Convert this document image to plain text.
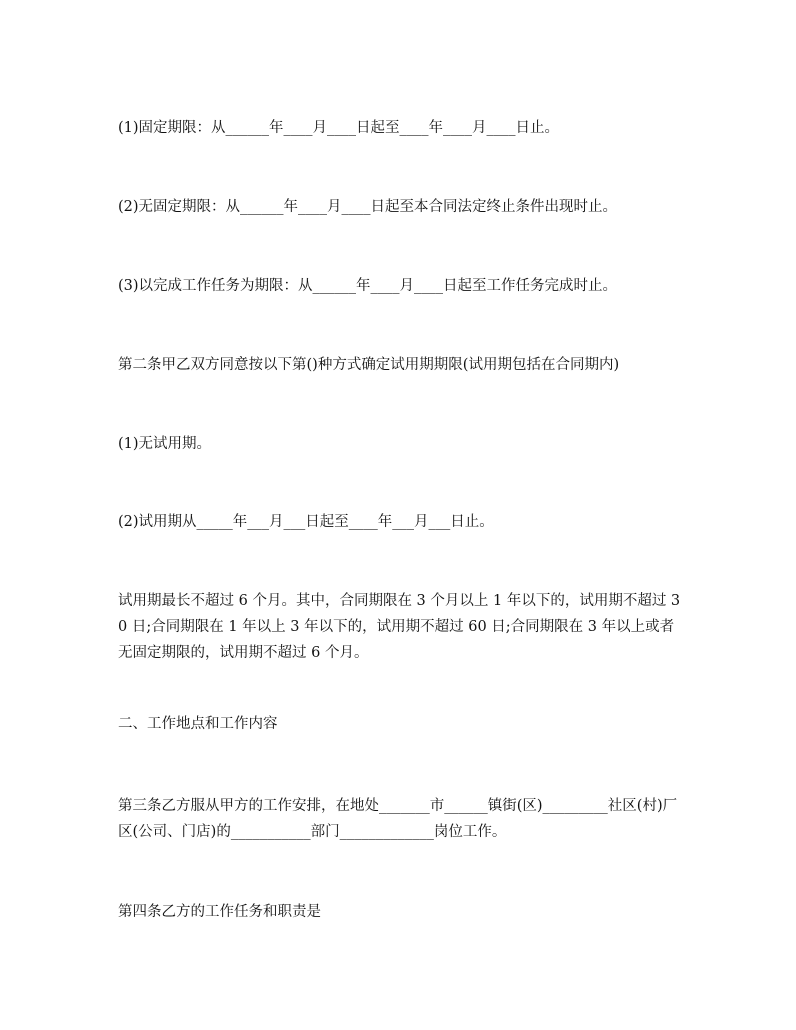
(1)固定期限：从______年____月____日起至____年____月____日止。

(2)无固定期限：从______年____月____日起至本合同法定终止条件出现时止。

(3)以完成工作任务为期限：从______年____月____日起至工作任务完成时止。

第二条甲乙双方同意按以下第()种方式确定试用期期限(试用期包括在合同期内)

(1)无试用期。

(2)试用期从_____年___月___日起至____年___月___日止。

试用期最长不超过 6 个月。其中，合同期限在 3 个月以上 1 年以下的，试用期不超过 30 日;合同期限在 1 年以上 3 年以下的，试用期不超过 60 日;合同期限在 3 年以上或者无固定期限的，试用期不超过 6 个月。

二、工作地点和工作内容

第三条乙方服从甲方的工作安排，在地处_______市______镇街(区)_________社区(村)厂区(公司、门店)的___________部门_____________岗位工作。

第四条乙方的工作任务和职责是
